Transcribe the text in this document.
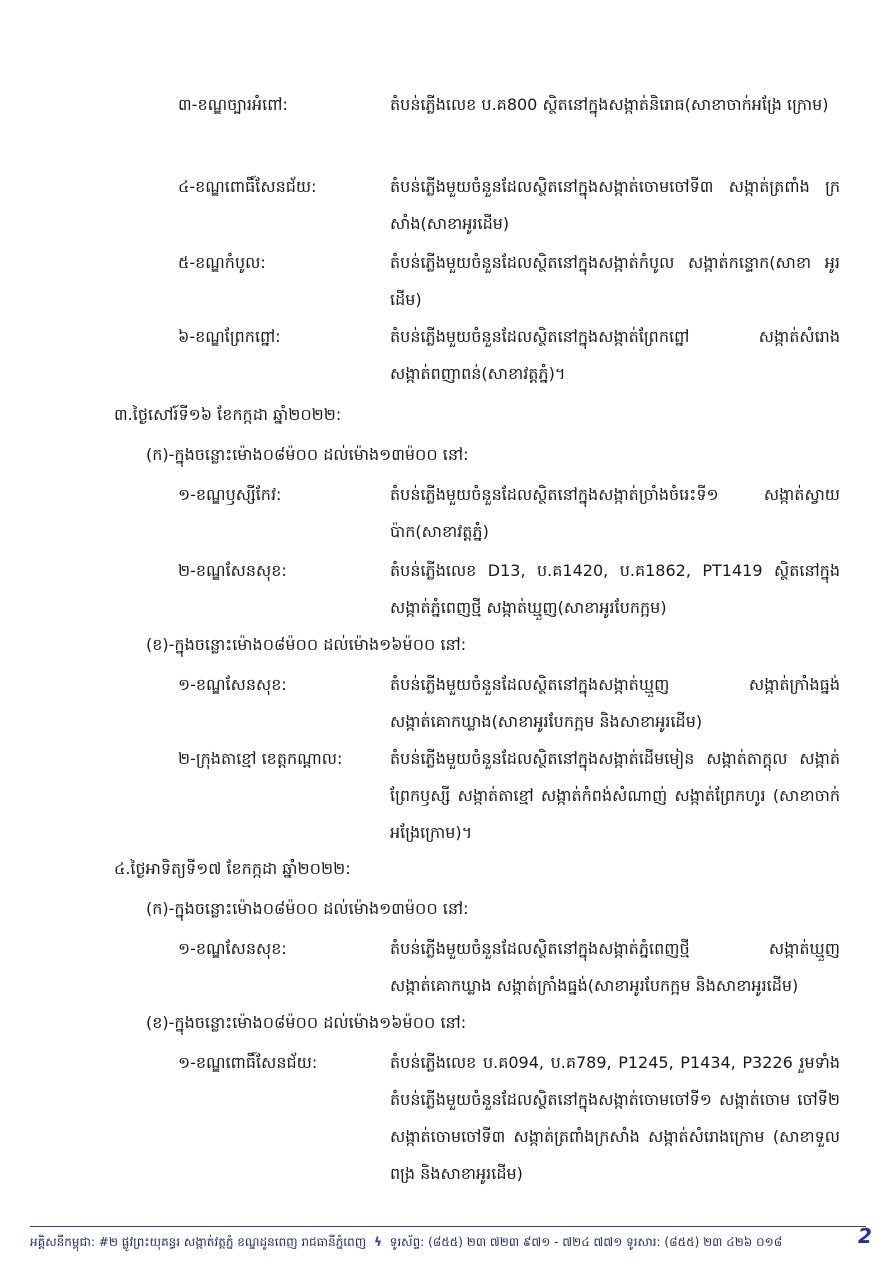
៣-ខណ្ឌច្បារអំពៅ:	តំបន់ភ្លើងលេខ ប.គ800 ស្ថិតនៅក្នុងសង្កាត់និរោធ(សាខាចាក់អង្រែ ក្រោម)
៤-ខណ្ឌពោធិ៍សែនជ័យ:	តំបន់ភ្លើងមួយចំនួនដែលស្ថិតនៅក្នុងសង្កាត់ចោមចៅទី៣ សង្កាត់ត្រពាំង ក្រសាំង(សាខាអូរដើម)
៥-ខណ្ឌកំបូល:	តំបន់ភ្លើងមួយចំនួនដែលស្ថិតនៅក្នុងសង្កាត់កំបូល សង្កាត់កន្ទោក(សាខា អូរដើម)
៦-ខណ្ឌព្រែកព្នៅ:	តំបន់ភ្លើងមួយចំនួនដែលស្ថិតនៅក្នុងសង្កាត់ព្រែកព្នៅ សង្កាត់សំរោង សង្កាត់ពញាពន់(សាខាវត្តភ្នំ)។
៣.ថ្ងៃសៅរ៍ទី១៦ ខែកក្កដា ឆ្នាំ២០២២:
(ក)-ក្នុងចន្លោះម៉ោង០៨ម៉០០ ដល់ម៉ោង១៣ម៉០០ នៅ:
១-ខណ្ឌឫស្សីកែវ:	តំបន់ភ្លើងមួយចំនួនដែលស្ថិតនៅក្នុងសង្កាត់ច្រាំងចំរេះទី១ សង្កាត់ស្វាយ ប៉ាក(សាខាវត្តភ្នំ)
២-ខណ្ឌសែនសុខ:	តំបន់ភ្លើងលេខ D13, ប.គ1420, ប.គ1862, PT1419 ស្ថិតនៅក្នុង សង្កាត់ភ្នំពេញថ្មី សង្កាត់ឃ្មួញ(សាខាអូរបែកក្អម)
(ខ)-ក្នុងចន្លោះម៉ោង០៨ម៉០០ ដល់ម៉ោង១៦ម៉០០ នៅ:
១-ខណ្ឌសែនសុខ:	តំបន់ភ្លើងមួយចំនួនដែលស្ថិតនៅក្នុងសង្កាត់ឃ្មួញ សង្កាត់ក្រាំងធ្នង់ សង្កាត់គោកឃ្លាង(សាខាអូរបែកក្អម និងសាខាអូរដើម)
២-ក្រុងតាខ្មៅ ខេត្តកណ្ដាល:	តំបន់ភ្លើងមួយចំនួនដែលស្ថិតនៅក្នុងសង្កាត់ដើមមៀន សង្កាត់តាក្ដុល សង្កាត់ព្រែកឫស្សី សង្កាត់តាខ្មៅ សង្កាត់កំពង់សំណាញ់ សង្កាត់ព្រែកហូរ (សាខាចាក់អង្រែក្រោម)។
៤.ថ្ងៃអាទិត្យទី១៧ ខែកក្កដា ឆ្នាំ២០២២:
(ក)-ក្នុងចន្លោះម៉ោង០៨ម៉០០ ដល់ម៉ោង១៣ម៉០០ នៅ:
១-ខណ្ឌសែនសុខ:	តំបន់ភ្លើងមួយចំនួនដែលស្ថិតនៅក្នុងសង្កាត់ភ្នំពេញថ្មី សង្កាត់ឃ្មួញ សង្កាត់គោកឃ្លាង សង្កាត់ក្រាំងធ្នង់(សាខាអូរបែកក្អម និងសាខាអូរដើម)
(ខ)-ក្នុងចន្លោះម៉ោង០៨ម៉០០ ដល់ម៉ោង១៦ម៉០០ នៅ:
១-ខណ្ឌពោធិ៍សែនជ័យ:	តំបន់ភ្លើងលេខ ប.គ094, ប.គ789, P1245, P1434, P3226 រួមទាំង តំបន់ភ្លើងមួយចំនួនដែលស្ថិតនៅក្នុងសង្កាត់ចោមចៅទី១ សង្កាត់ចោម ចៅទី២ សង្កាត់ចោមចៅទី៣ សង្កាត់ត្រពាំងក្រសាំង សង្កាត់សំរោងក្រោម (សាខាទួលពង្រ និងសាខាអូរដើម)
អគ្គិសនីកម្ពុជា: #២ ផ្លូវព្រះយុគន្ធរ សង្កាត់វត្តភ្នំ ខណ្ឌដូនពេញ រាជធានីភ្នំពេញ ϟ ទូរស័ព្ទ: (៨៥៥) ២៣ ៧២៣ ៩៧១ - ៧២៤ ៧៧១ ទូរសារ: (៨៥៥) ២៣ ៤២៦ ០១៨	2
